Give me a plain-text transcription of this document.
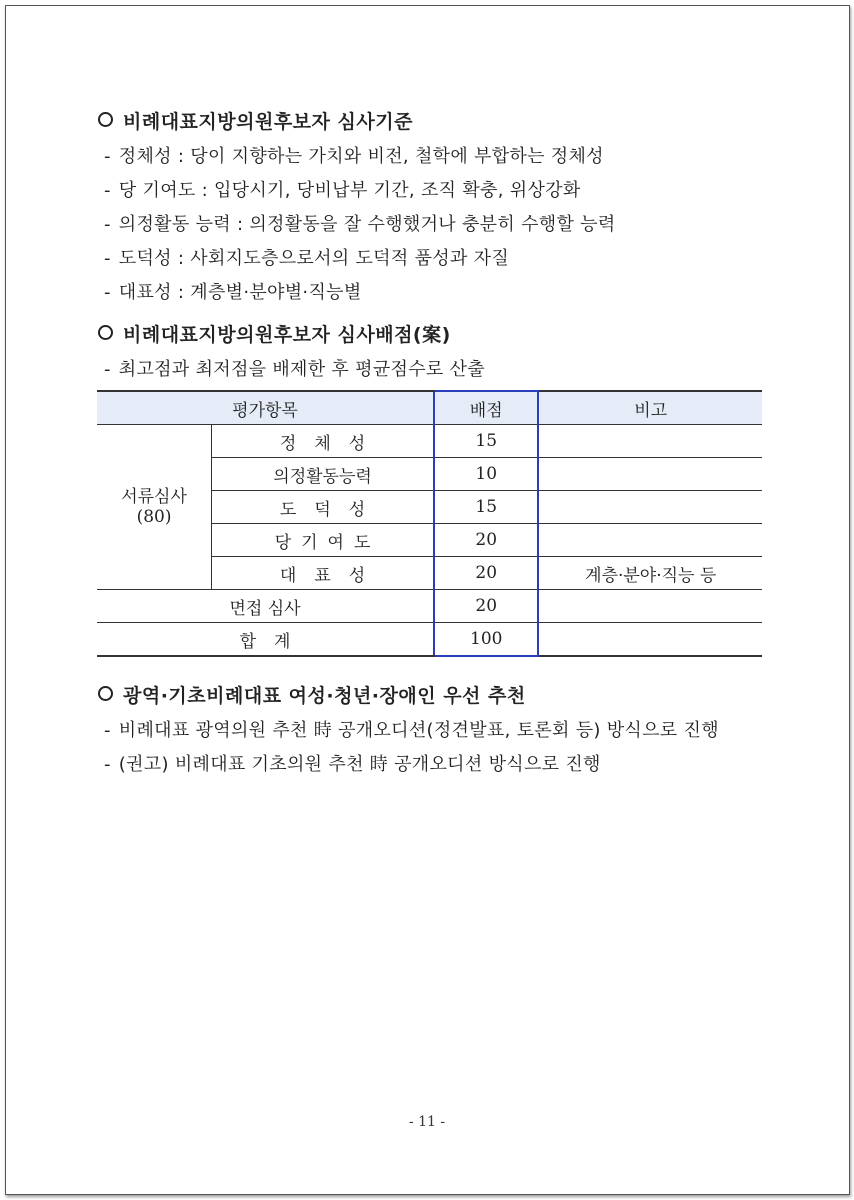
비례대표지방의원후보자 심사기준
- 정체성 : 당이 지향하는 가치와 비전, 철학에 부합하는 정체성
- 당 기여도 : 입당시기, 당비납부 기간, 조직 확충, 위상강화
- 의정활동 능력 : 의정활동을 잘 수행했거나 충분히 수행할 능력
- 도덕성 : 사회지도층으로서의 도덕적 품성과 자질
- 대표성 : 계층별·분야별·직능별
비례대표지방의원후보자 심사배점(案)
- 최고점과 최저점을 배제한 후 평균점수로 산출
평가항목		배점	비고

서류심사
(80)	정체성	15	
	의정활동능력	10	
	도덕성	15	
	당기여도	20	
	대표성	20	계층·분야·직능 등
면접 심사		20	
합계		100	
광역·기초비례대표 여성·청년·장애인 우선 추천
- 비례대표 광역의원 추천 時 공개오디션(정견발표, 토론회 등) 방식으로 진행
- (권고) 비례대표 기초의원 추천 時 공개오디션 방식으로 진행
- 11 -
